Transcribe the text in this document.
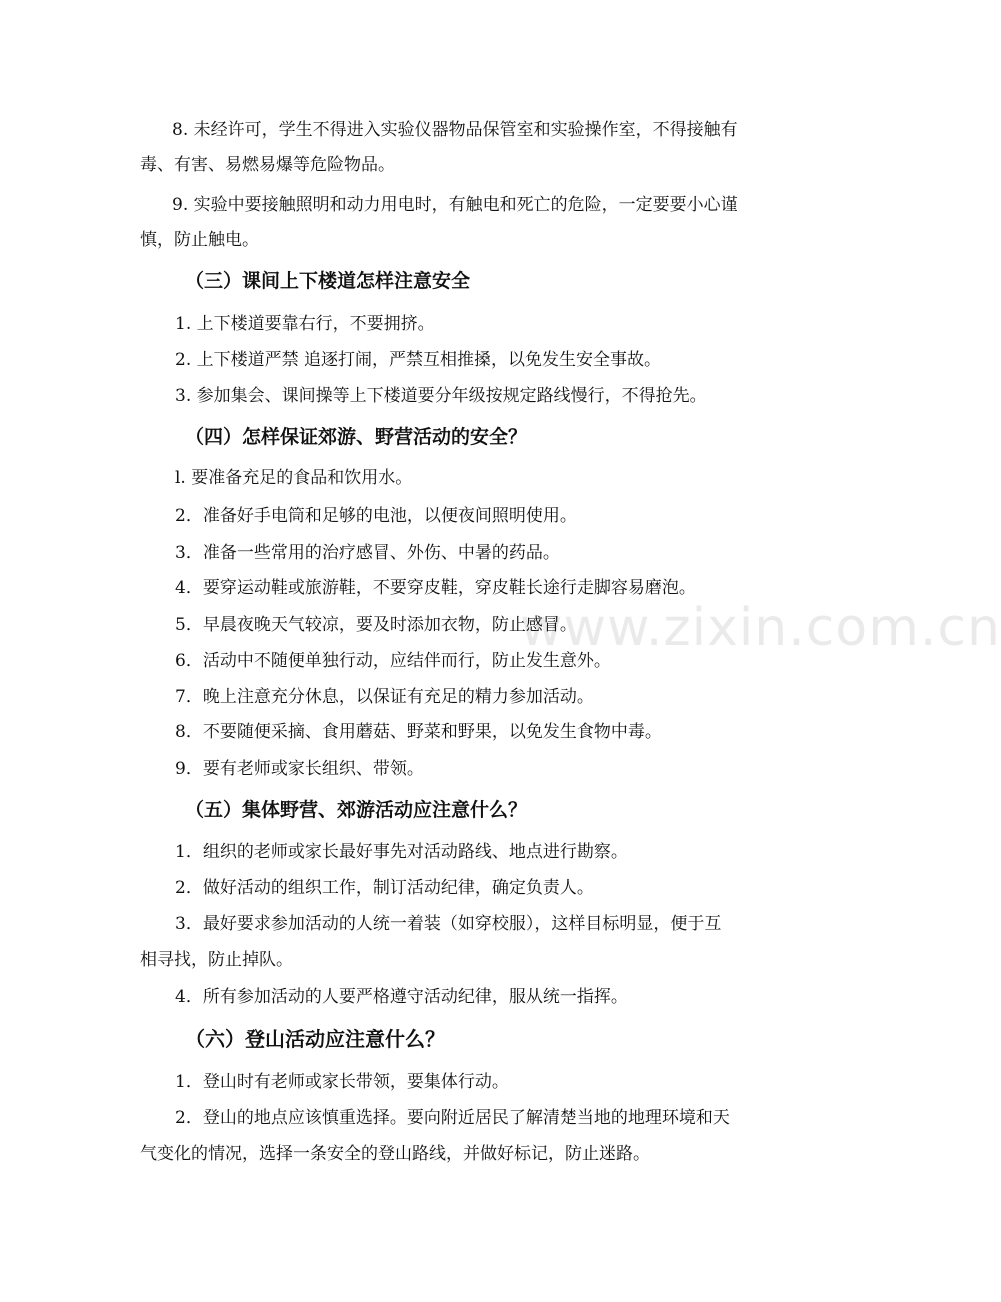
www.zixin.com.cn
8. 未经许可，学生不得进入实验仪器物品保管室和实验操作室，不得接触有
毒、有害、易燃易爆等危险物品。
9. 实验中要接触照明和动力用电时，有触电和死亡的危险，一定要要小心谨
慎，防止触电。
（三）课间上下楼道怎样注意安全
1. 上下楼道要靠右行，不要拥挤。
2. 上下楼道严禁 追逐打闹，严禁互相推搡，以免发生安全事故。
3. 参加集会、课间操等上下楼道要分年级按规定路线慢行，不得抢先。
（四）怎样保证郊游、野营活动的安全？
l. 要准备充足的食品和饮用水。
2．准备好手电筒和足够的电池，以便夜间照明使用。
3．准备一些常用的治疗感冒、外伤、中暑的药品。
4．要穿运动鞋或旅游鞋，不要穿皮鞋，穿皮鞋长途行走脚容易磨泡。
5．早晨夜晚天气较凉，要及时添加衣物，防止感冒。
6．活动中不随便单独行动，应结伴而行，防止发生意外。
7．晚上注意充分休息，以保证有充足的精力参加活动。
8．不要随便采摘、食用蘑菇、野菜和野果，以免发生食物中毒。
9．要有老师或家长组织、带领。
（五）集体野营、郊游活动应注意什么？
1．组织的老师或家长最好事先对活动路线、地点进行勘察。
2．做好活动的组织工作，制订活动纪律，确定负责人。
3．最好要求参加活动的人统一着装（如穿校服），这样目标明显，便于互
相寻找，防止掉队。
4．所有参加活动的人要严格遵守活动纪律，服从统一指挥。
（六）登山活动应注意什么？
1．登山时有老师或家长带领，要集体行动。
2．登山的地点应该慎重选择。要向附近居民了解清楚当地的地理环境和天
气变化的情况，选择一条安全的登山路线，并做好标记，防止迷路。
